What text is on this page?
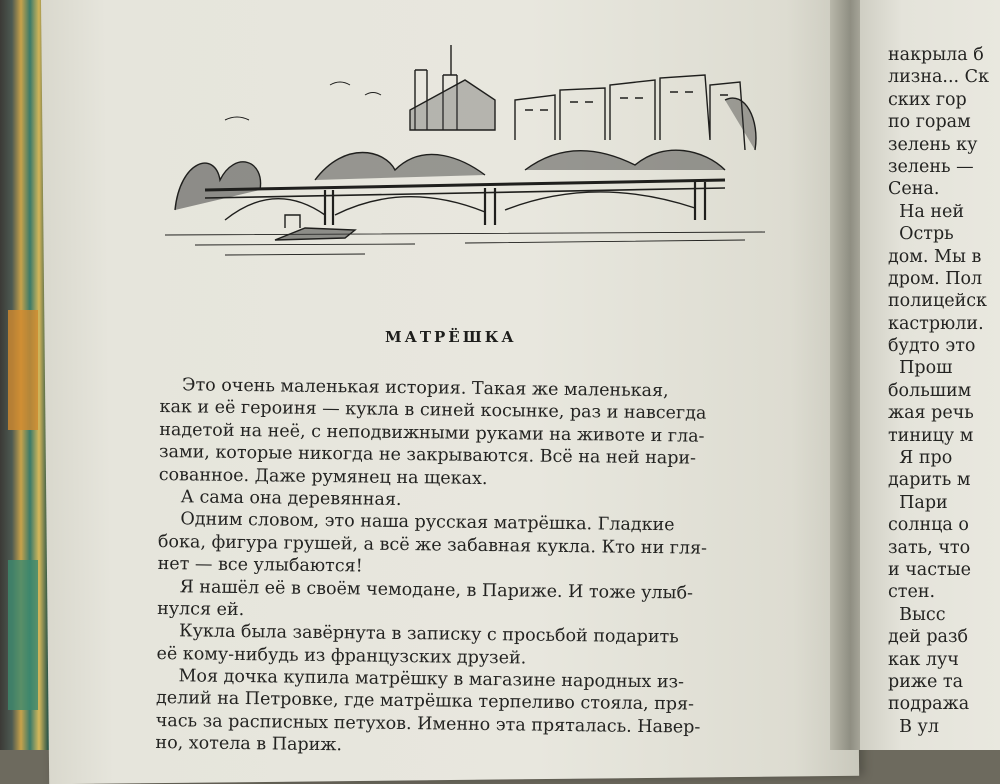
МАТРЁШКА
Это очень маленькая история. Такая же маленькая,
как и её героиня — кукла в синей косынке, раз и навсегда
надетой на неё, с неподвижными руками на животе и гла-
зами, которые никогда не закрываются. Всё на ней нари-
сованное. Даже румянец на щеках.
А сама она деревянная.
Одним словом, это наша русская матрёшка. Гладкие
бока, фигура грушей, а всё же забавная кукла. Кто ни гля-
нет — все улыбаются!
Я нашёл её в своём чемодане, в Париже. И тоже улыб-
нулся ей.
Кукла была завёрнута в записку с просьбой подарить
её кому-нибудь из французских друзей.
Моя дочка купила матрёшку в магазине народных из-
делий на Петровке, где матрёшка терпеливо стояла, пря-
чась за расписных петухов. Именно эта пряталась. Навер-
но, хотела в Париж.
накрыла б
лизна... Ск
ских гор
по горам
зелень ку
зелень —
Сена.
На ней
Острь
дом. Мы в
дром. Пол
полицейск
кастрюли.
будто это
Прош
большим
жая речь
тиницу м
Я про
дарить м
Пари
солнца о
зать, что
и частые
стен.
Высс
дей разб
как луч
риже та
подража
В ул
